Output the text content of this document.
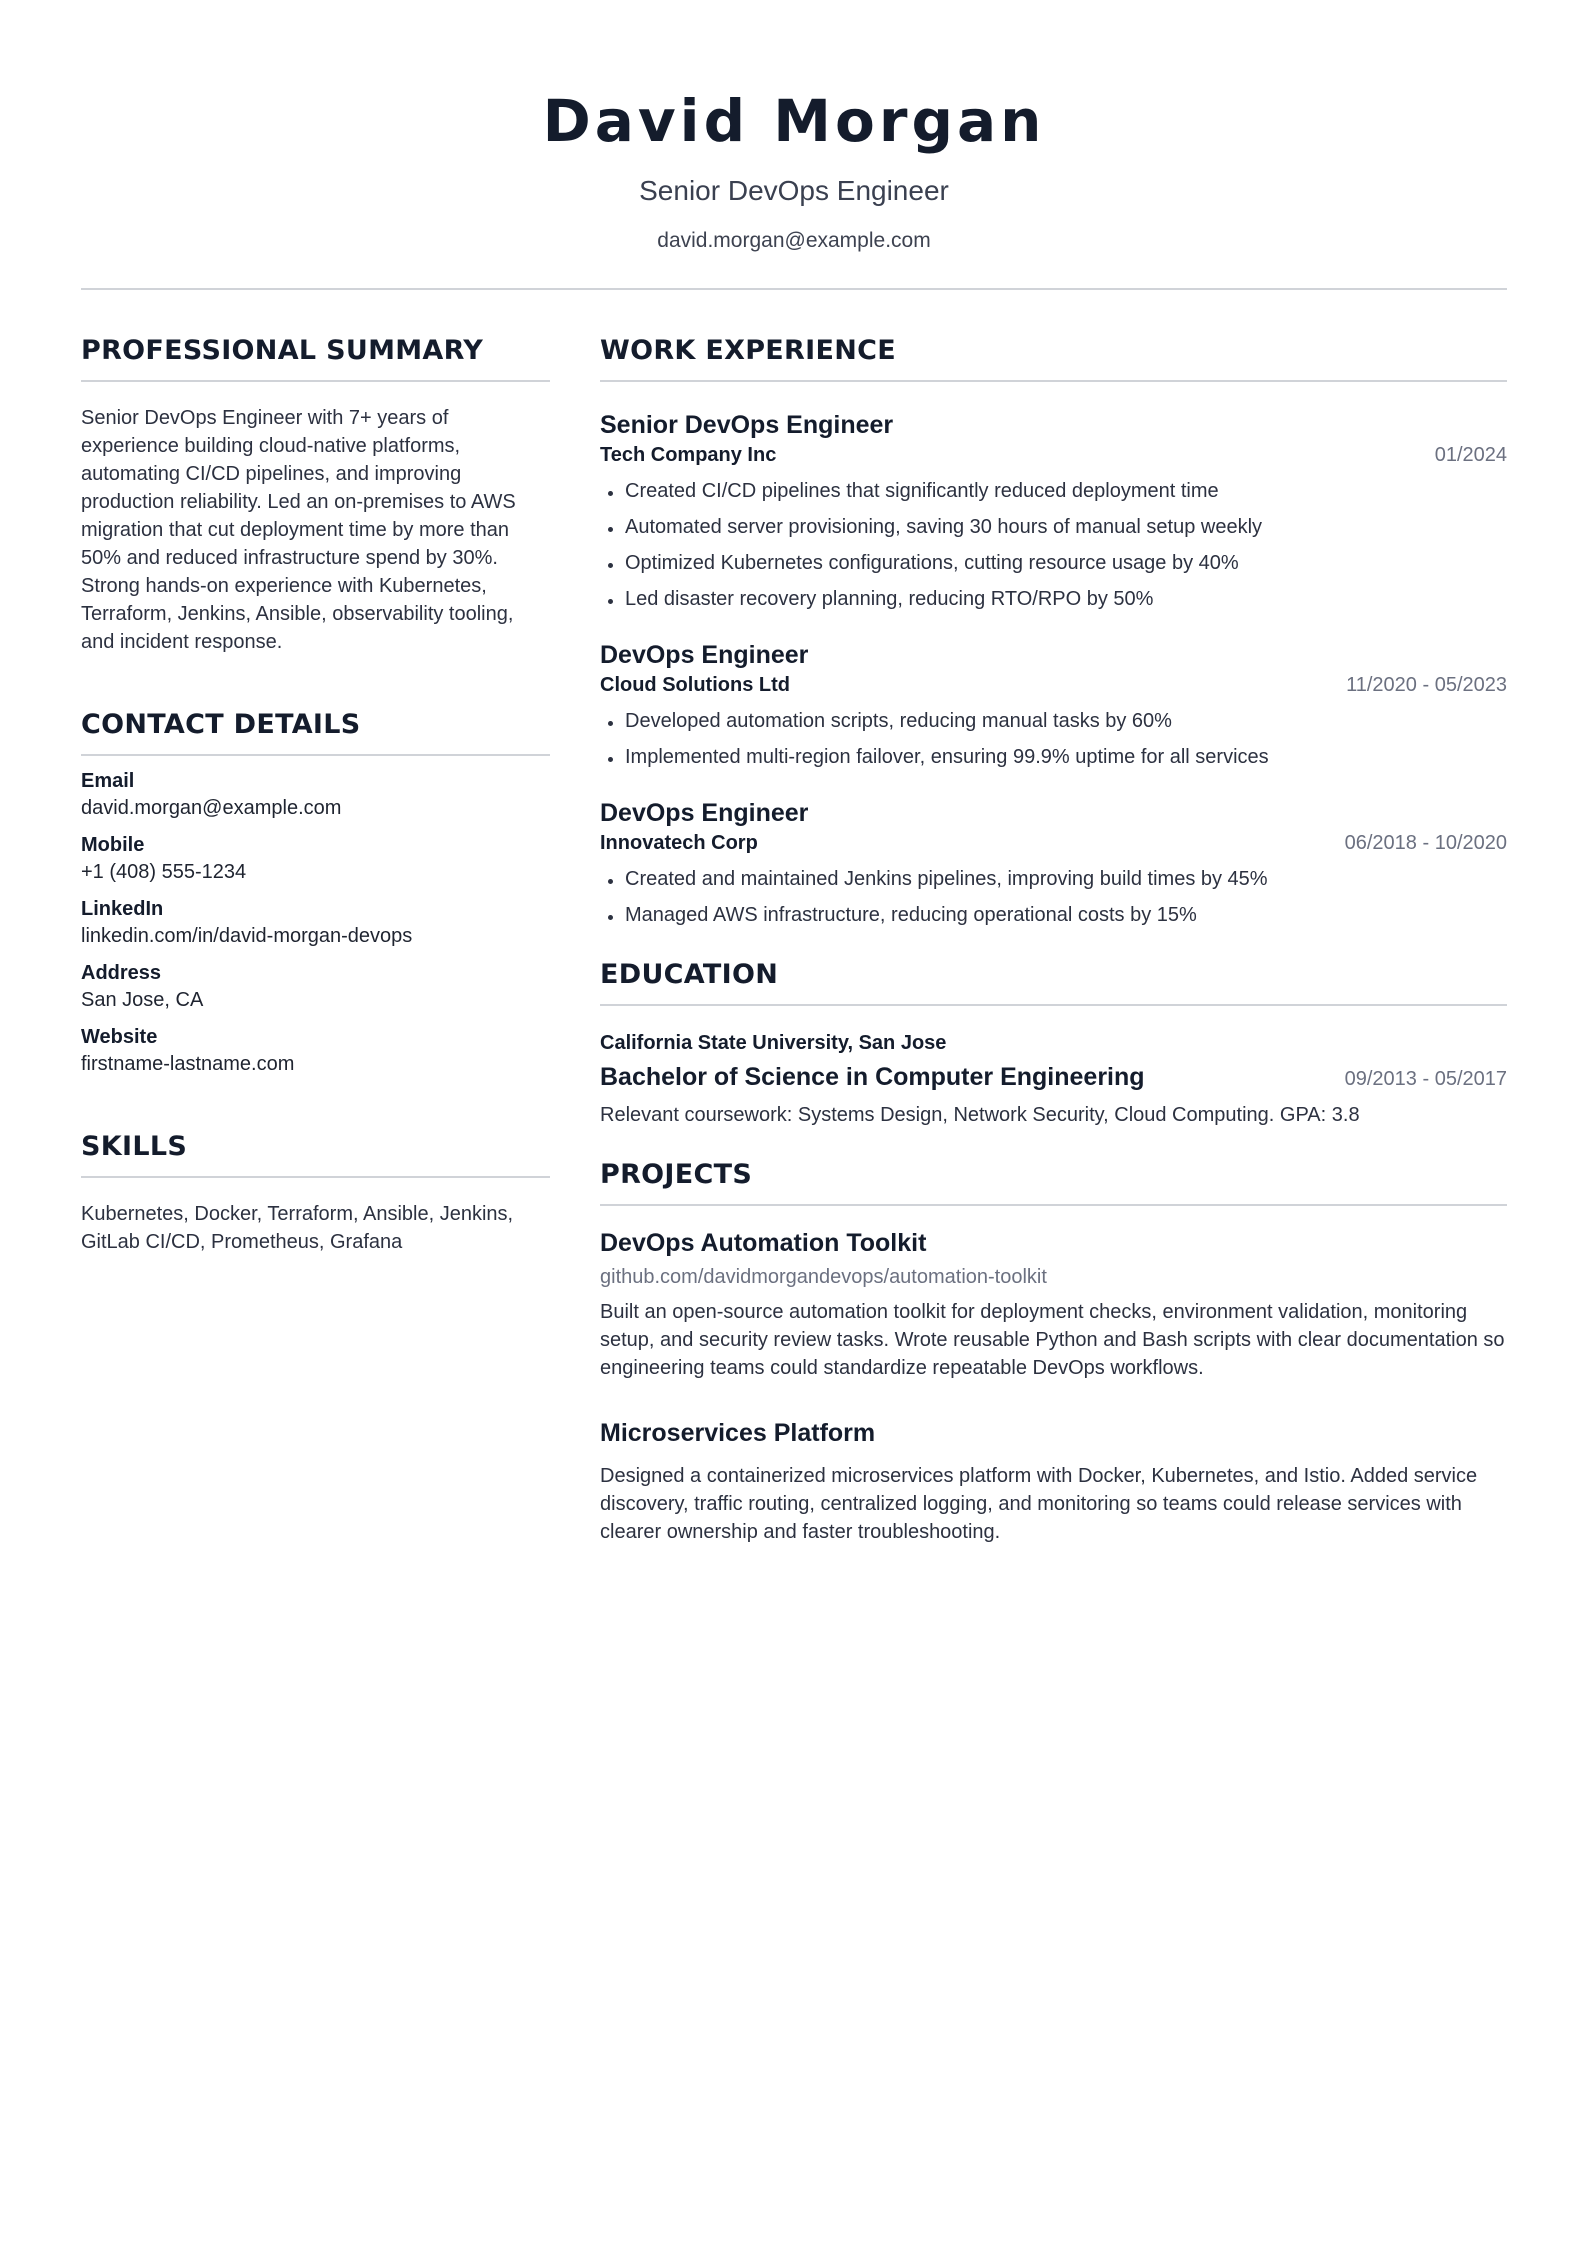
David Morgan
Senior DevOps Engineer
david.morgan@example.com
PROFESSIONAL SUMMARY
Senior DevOps Engineer with 7+ years of experience building cloud-native platforms, automating CI/CD pipelines, and improving production reliability. Led an on-premises to AWS migration that cut deployment time by more than 50% and reduced infrastructure spend by 30%. Strong hands-on experience with Kubernetes, Terraform, Jenkins, Ansible, observability tooling, and incident response.
CONTACT DETAILS
Email
david.morgan@example.com
Mobile
+1 (408) 555-1234
LinkedIn
linkedin.com/in/david-morgan-devops
Address
San Jose, CA
Website
firstname-lastname.com
SKILLS
Kubernetes, Docker, Terraform, Ansible, Jenkins, GitLab CI/CD, Prometheus, Grafana
WORK EXPERIENCE
Senior DevOps Engineer
Tech Company Inc	01/2024
Created CI/CD pipelines that significantly reduced deployment time
Automated server provisioning, saving 30 hours of manual setup weekly
Optimized Kubernetes configurations, cutting resource usage by 40%
Led disaster recovery planning, reducing RTO/RPO by 50%
DevOps Engineer
Cloud Solutions Ltd	11/2020 - 05/2023
Developed automation scripts, reducing manual tasks by 60%
Implemented multi-region failover, ensuring 99.9% uptime for all services
DevOps Engineer
Innovatech Corp	06/2018 - 10/2020
Created and maintained Jenkins pipelines, improving build times by 45%
Managed AWS infrastructure, reducing operational costs by 15%
EDUCATION
California State University, San Jose
Bachelor of Science in Computer Engineering	09/2013 - 05/2017
Relevant coursework: Systems Design, Network Security, Cloud Computing. GPA: 3.8
PROJECTS
DevOps Automation Toolkit
github.com/davidmorgandevops/automation-toolkit
Built an open-source automation toolkit for deployment checks, environment validation, monitoring setup, and security review tasks. Wrote reusable Python and Bash scripts with clear documentation so engineering teams could standardize repeatable DevOps workflows.
Microservices Platform
Designed a containerized microservices platform with Docker, Kubernetes, and Istio. Added service discovery, traffic routing, centralized logging, and monitoring so teams could release services with clearer ownership and faster troubleshooting.
